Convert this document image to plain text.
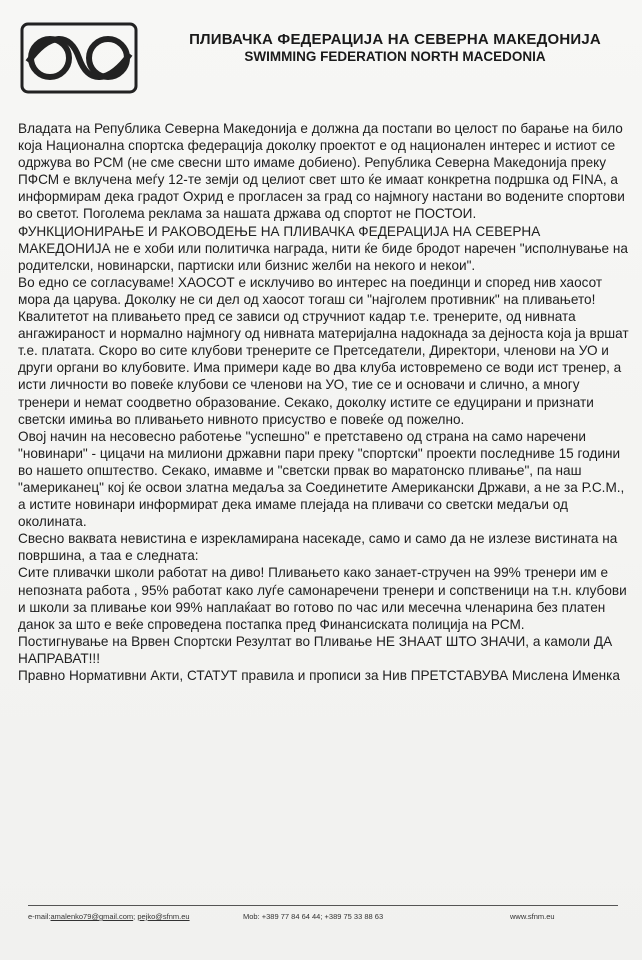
ПЛИВАЧКА ФЕДЕРАЦИЈА НА СЕВЕРНА МАКЕДОНИЈА
SWIMMING FEDERATION NORTH MACEDONIA

Владата на Република Северна Македонија е должна да постапи во целост по барање на било која Национална спортска федерација доколку проектот е од национален интерес и истиот се одржува во РСМ (не сме свесни што имаме добиено). Република Северна Македонија преку ПФСМ е вклучена меѓу 12-те земји од целиот свет што ќе имаат конкретна подршка од FINA, а информирам дека градот Охрид е прогласен за град со најмногу настани во водените спортови во светот. Поголема реклама за нашата држава од спортот не ПОСТОИ.

ФУНКЦИОНИРАЊЕ И РАКОВОДЕЊЕ НА ПЛИВАЧКА ФЕДЕРАЦИЈА НА СЕВЕРНА МАКЕДОНИЈА не е хоби или политичка награда, нити ќе биде бродот наречен "исполнување на родителски, новинарски, партиски или бизнис желби на некого и некои".

Во едно се согласуваме! ХАОСОТ е исклучиво во интерес на поединци и според нив хаосот мора да царува. Доколку не си дел од хаосот тогаш си "најголем противник" на пливањето! Квалитетот на пливањето пред се зависи од стручниот кадар т.е. тренерите, од нивната ангажираност и нормално најмногу од нивната материјална надокнада за дејноста која ја вршат т.е. платата. Скоро во сите клубови тренерите се Претседатели, Директори, членови на УО и други органи во клубовите. Има примери каде во два клуба истовремено се води ист тренер, а исти личности во повеќе клубови се членови на УО, тие се и основачи и слично, а многу тренери и немат соодветно образование. Секако, доколку истите се едуцирани и признати светски имиња во пливањето нивното присуство е повеќе од пожелно.

Овој начин на несовесно работење "успешно" е претставено од страна на само наречени "новинари" - цицачи на милиони државни пари преку "спортски" проекти последниве 15 години во нашето општество. Секако, имавме и "светски првак во маратонско пливање", па наш "американец" кој ќе освои златна медаља за Соединетите Американски Држави, а не за Р.С.М., а истите новинари информират дека имаме плејада на пливачи со светски медаљи од околината.

Свесно ваквата невистина е изрекламирана насекаде, само и само да не излезе вистината на површина, а таа е следната:

Сите пливачки школи работат на диво! Пливањето како занает-стручен на 99% тренери им е непозната работа , 95% работат како луѓе самонаречени тренери и сопственици на т.н. клубови и школи за пливање кои 99% наплаќаат во готово по час или месечна членарина без платен данок за што е веќе спроведена постапка пред Финансиската полиција на РСМ.

Постигнување на Врвен Спортски Резултат во Пливање НЕ ЗНААТ ШТО ЗНАЧИ, а камоли ДА НАПРАВАТ!!!

Правно Нормативни Акти, СТАТУТ правила и прописи за Нив ПРЕТСТАВУВА Мислена Именка

e-mail:amalenko79@gmail.com; pejko@sfnm.eu	Mob: +389 77 84 64 44; +389 75 33 88 63	www.sfnm.eu
